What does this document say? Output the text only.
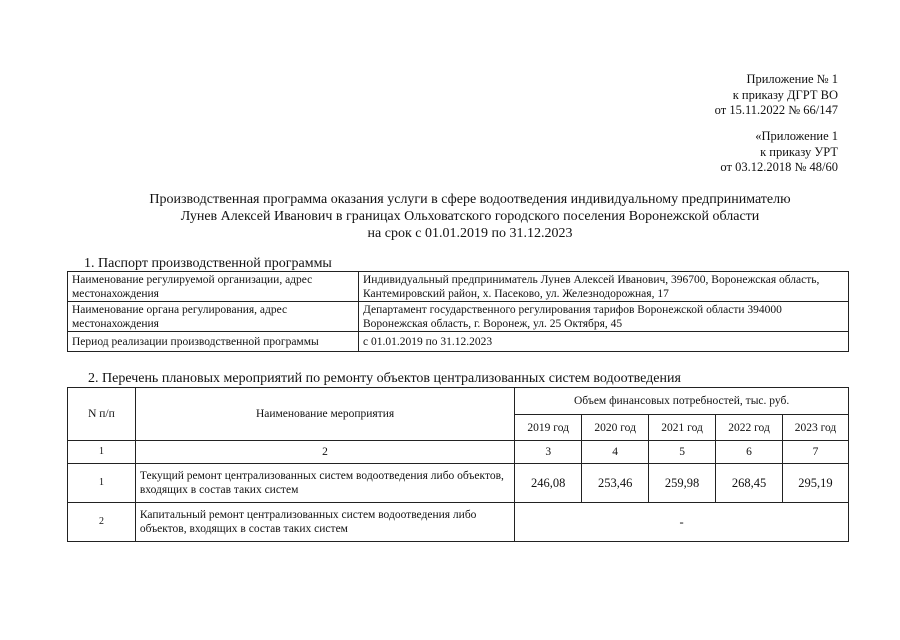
Приложение № 1
к приказу ДГРТ ВО
от 15.11.2022 № 66/147
«Приложение 1
к приказу УРТ
от 03.12.2018 № 48/60
Производственная программа оказания услуги в сфере водоотведения индивидуальному предпринимателю
Лунев Алексей Иванович в границах Ольховатского городского поселения Воронежской области
на срок с 01.01.2019 по 31.12.2023
1. Паспорт производственной программы
Наименование регулируемой организации, адрес местонахождения	Индивидуальный предприниматель Лунев Алексей Иванович, 396700, Воронежская область, Кантемировский район, х. Пасеково, ул. Железнодорожная, 17
Наименование органа регулирования, адрес местонахождения	Департамент государственного регулирования тарифов Воронежской области 394000 Воронежская область, г. Воронеж, ул. 25 Октября, 45
Период реализации производственной программы	с 01.01.2019 по 31.12.2023
2. Перечень плановых мероприятий по ремонту объектов централизованных систем водоотведения
N п/п	Наименование мероприятия	Объем финансовых потребностей, тыс. руб.				
		2019 год	2020 год	2021 год	2022 год	2023 год
1	2	3	4	5	6	7
1	Текущий ремонт централизованных систем водоотведения либо объектов, входящих в состав таких систем	246,08	253,46	259,98	268,45	295,19
2	Капитальный ремонт централизованных систем водоотведения либо объектов, входящих в состав таких систем	-				
